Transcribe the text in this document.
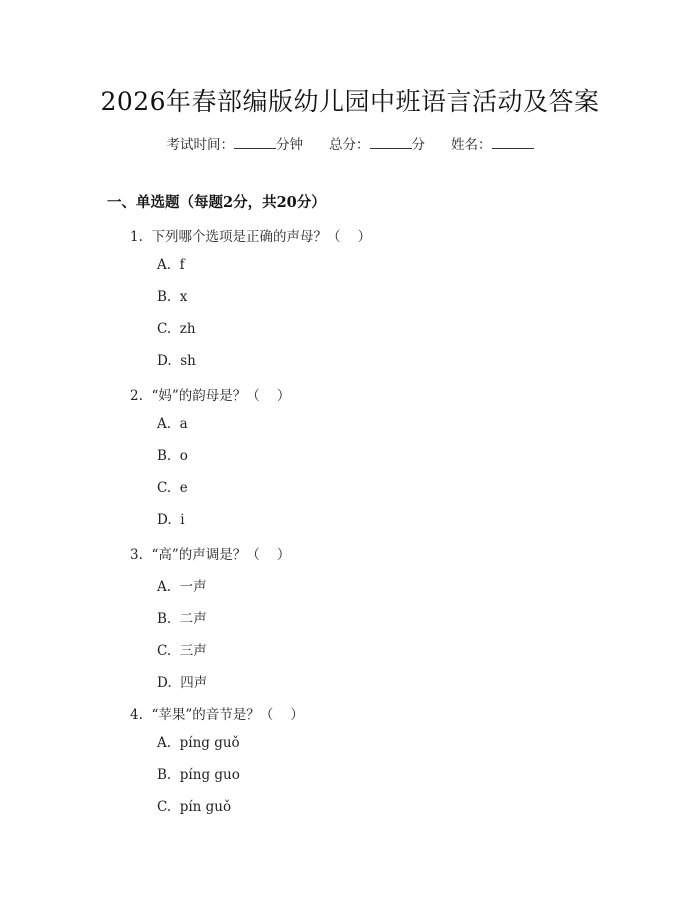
2026年春部编版幼儿园中班语言活动及答案
考试时间：	分钟 总分：	分 姓名：
一、单选题（每题2分，共20分）
1.  下列哪个选项是正确的声母？（    ）
A.  f
B.  x
C.  zh
D.  sh
2.  “妈”的韵母是？（    ）
A.  a
B.  o
C.  e
D.  i
3.  “高”的声调是？（    ）
A.  一声
B.  二声
C.  三声
D.  四声
4.  “苹果”的音节是？（    ）
A.  píng guǒ
B.  píng guo
C.  pín guǒ
